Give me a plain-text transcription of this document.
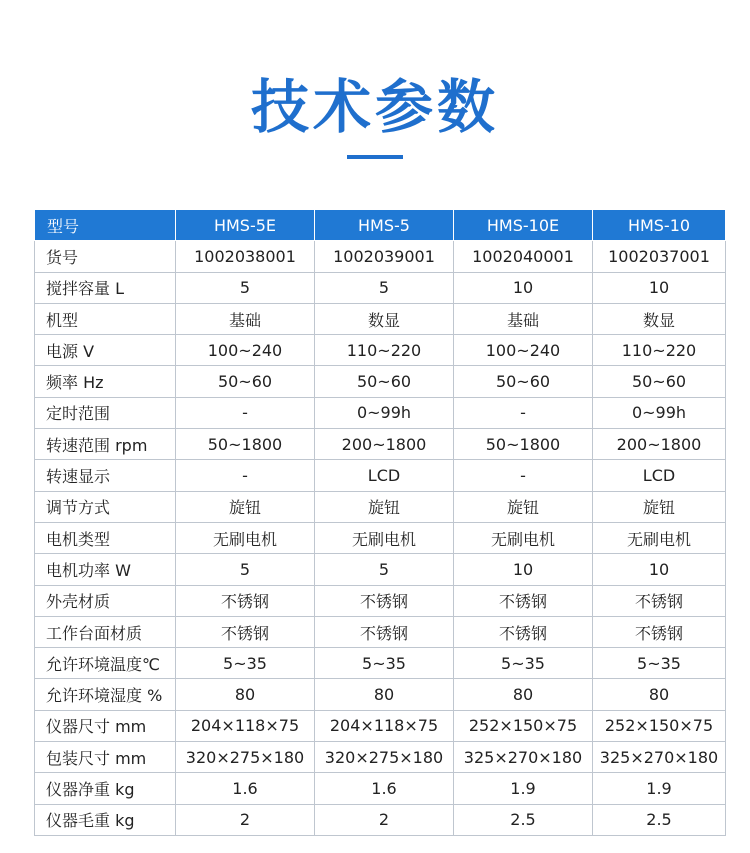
技术参数
型号	HMS-5E	HMS-5	HMS-10E	HMS-10
货号	1002038001	1002039001	1002040001	1002037001
搅拌容量 L	5	5	10	10
机型	基础	数显	基础	数显
电源 V	100~240	110~220	100~240	110~220
频率 Hz	50~60	50~60	50~60	50~60
定时范围	-	0~99h	-	0~99h
转速范围 rpm	50~1800	200~1800	50~1800	200~1800
转速显示	-	LCD	-	LCD
调节方式	旋钮	旋钮	旋钮	旋钮
电机类型	无刷电机	无刷电机	无刷电机	无刷电机
电机功率 W	5	5	10	10
外壳材质	不锈钢	不锈钢	不锈钢	不锈钢
工作台面材质	不锈钢	不锈钢	不锈钢	不锈钢
允许环境温度℃	5~35	5~35	5~35	5~35
允许环境湿度 %	80	80	80	80
仪器尺寸 mm	204×118×75	204×118×75	252×150×75	252×150×75
包装尺寸 mm	320×275×180	320×275×180	325×270×180	325×270×180
仪器净重 kg	1.6	1.6	1.9	1.9
仪器毛重 kg	2	2	2.5	2.5
